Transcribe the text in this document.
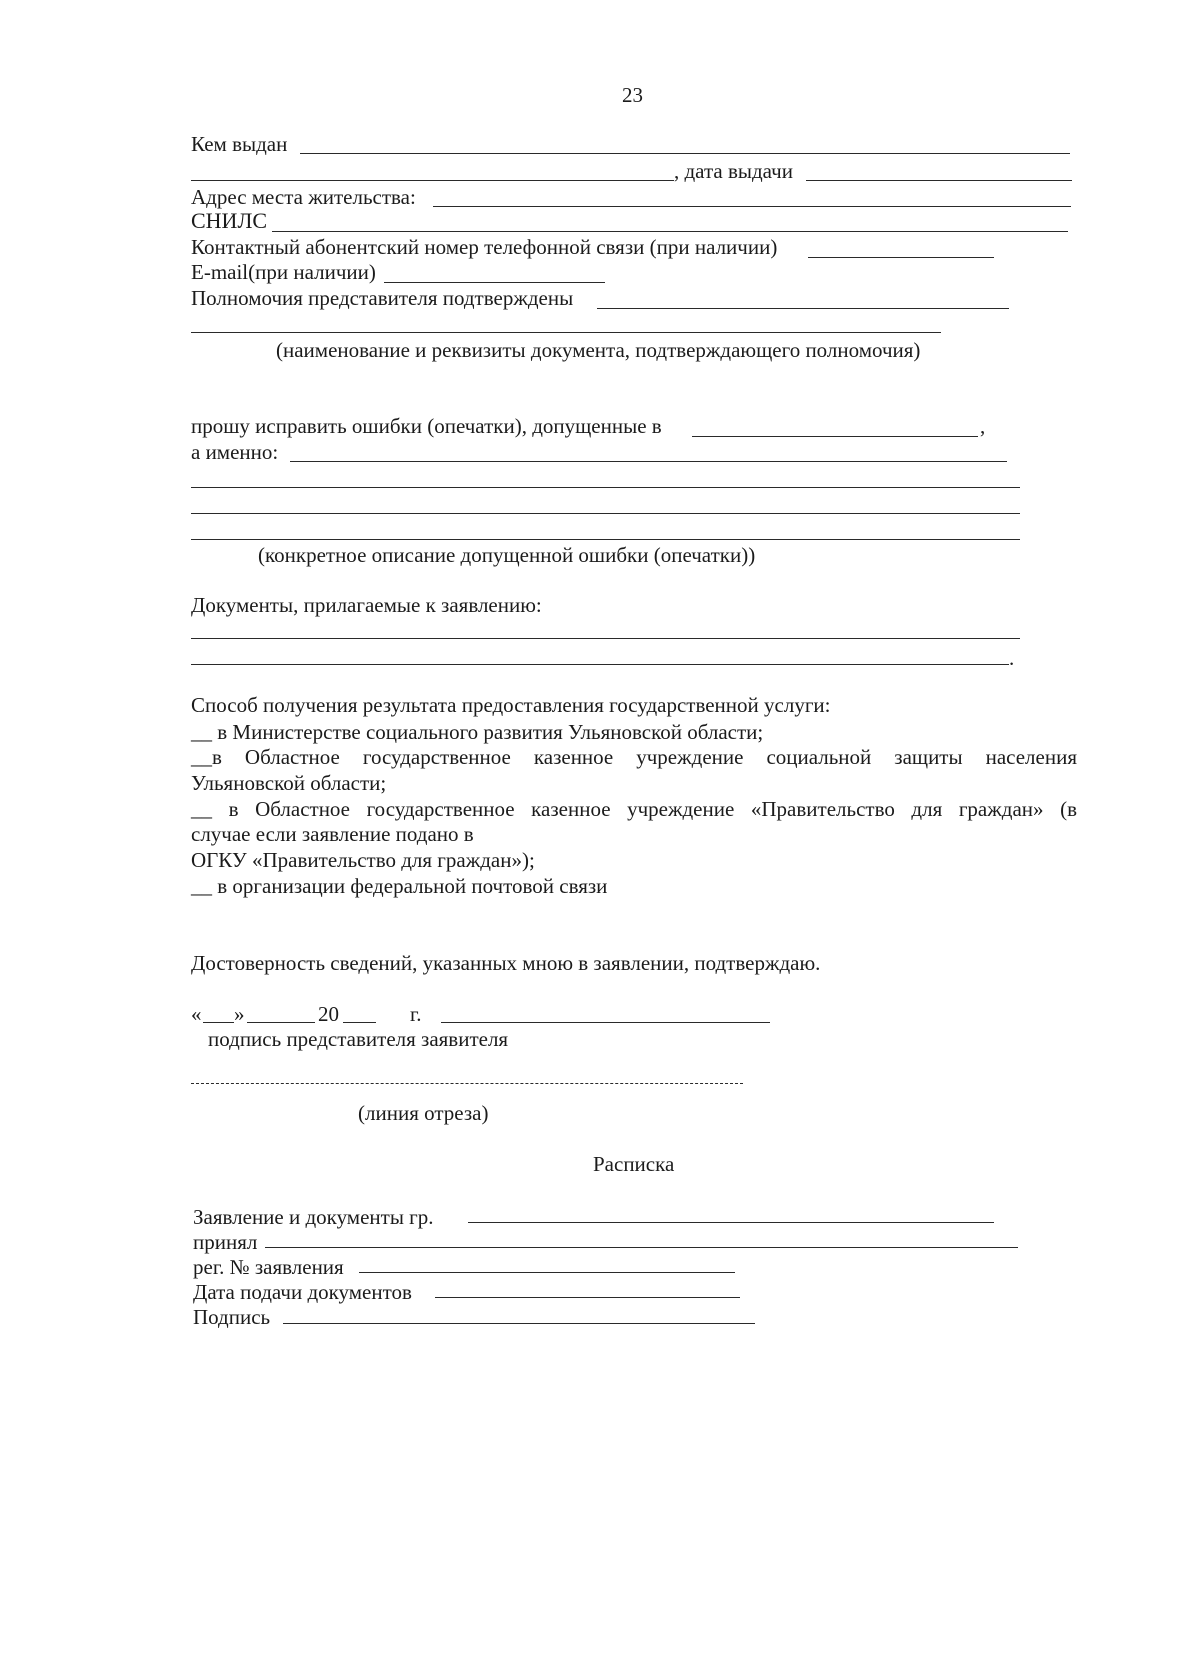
23
Кем выдан
, дата выдачи
Адрес места жительства:
СНИЛС
Контактный абонентский номер телефонной связи (при наличии)
E-mail(при наличии)
Полномочия представителя подтверждены
(наименование и реквизиты документа, подтверждающего полномочия)
прошу исправить ошибки (опечатки), допущенные в	,
а именно:
(конкретное описание допущенной ошибки (опечатки))
Документы, прилагаемые к заявлению:
.
Способ получения результата предоставления государственной услуги:
__ в Министерстве социального развития Ульяновской области;
__в Областное государственное казенное учреждение социальной защиты населения
Ульяновской области;
__ в Областное государственное казенное учреждение «Правительство для граждан» (в
случае если заявление подано в
ОГКУ «Правительство для граждан»);
__ в организации федеральной почтовой связи
Достоверность сведений, указанных мною в заявлении, подтверждаю.
« »	20	г.
подпись представителя заявителя
(линия отреза)
Расписка
Заявление и документы гр.
принял
рег. № заявления
Дата подачи документов
Подпись
